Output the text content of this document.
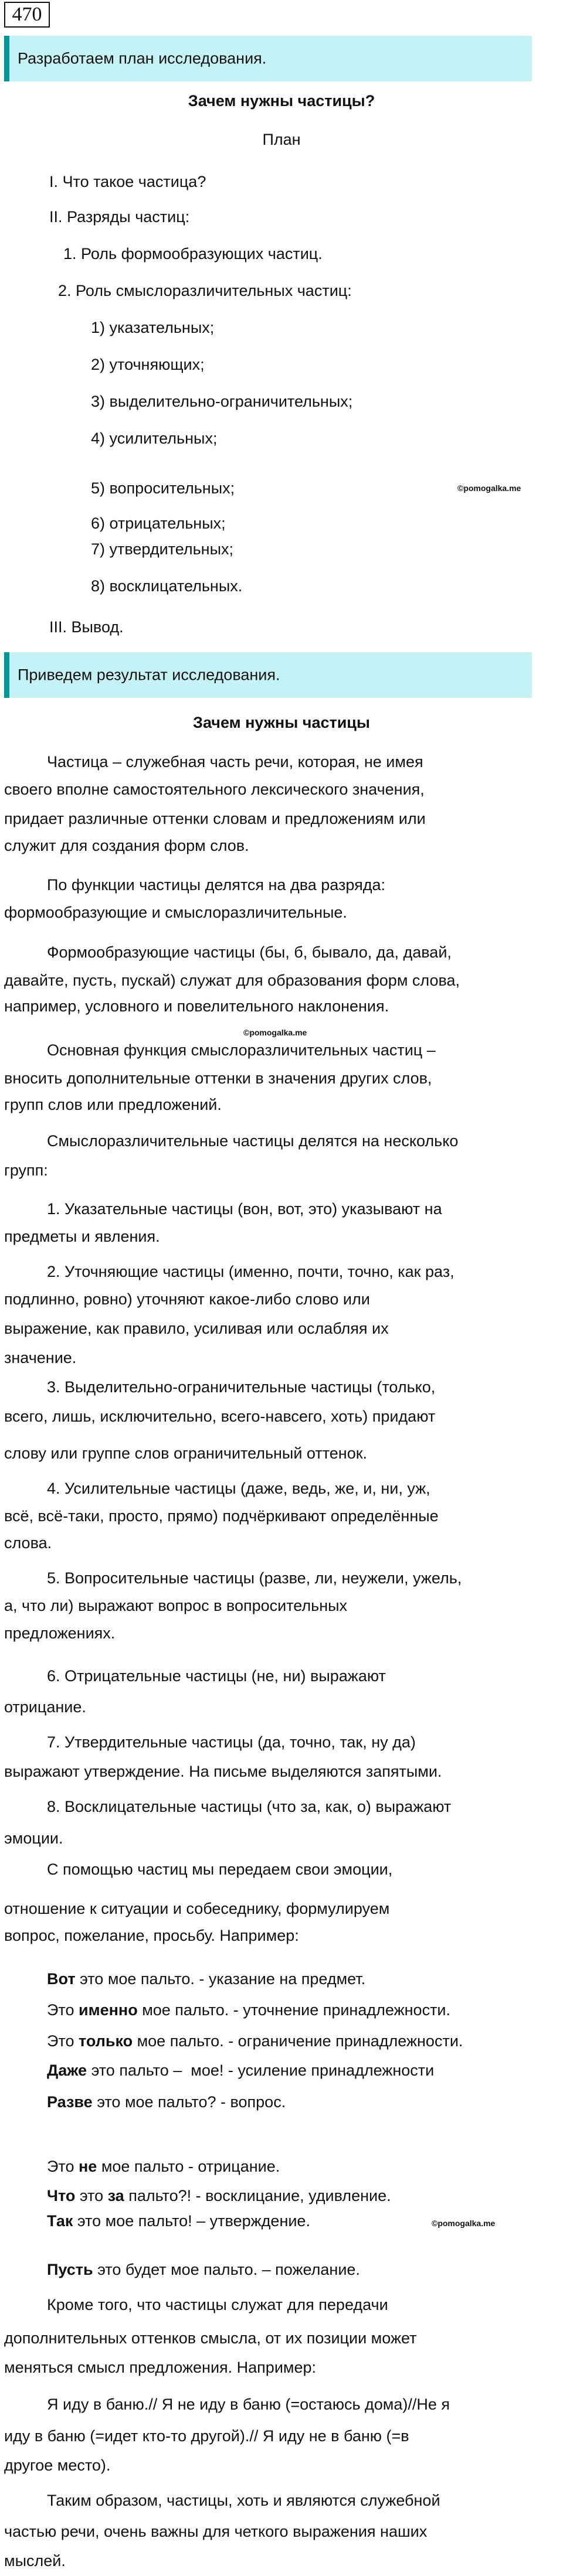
470
Разработаем план исследования.
Зачем нужны частицы?
План
I. Что такое частица?
II. Разряды частиц:
1. Роль формообразующих частиц.
2. Роль смыслоразличительных частиц:
1) указательных;
2) уточняющих;
3) выделительно-ограничительных;
4) усилительных;
5) вопросительных;	©pomogalka.me
6) отрицательных;
7) утвердительных;
8) восклицательных.
III. Вывод.
Приведем результат исследования.
Зачем нужны частицы
Частица – служебная часть речи, которая, не имея
своего вполне самостоятельного лексического значения,
придает различные оттенки словам и предложениям или
служит для создания форм слов.
По функции частицы делятся на два разряда:
формообразующие и смыслоразличительные.
Формообразующие частицы (бы, б, бывало, да, давай,
давайте, пусть, пускай) служат для образования форм слова,
например, условного и повелительного наклонения.
©pomogalka.me
Основная функция смыслоразличительных частиц –
вносить дополнительные оттенки в значения других слов,
групп слов или предложений.
Смыслоразличительные частицы делятся на несколько
групп:
1. Указательные частицы (вон, вот, это) указывают на
предметы и явления.
2. Уточняющие частицы (именно, почти, точно, как раз,
подлинно, ровно) уточняют какое-либо слово или
выражение, как правило, усиливая или ослабляя их
значение.
3. Выделительно-ограничительные частицы (только,
всего, лишь, исключительно, всего-навсего, хоть) придают
слову или группе слов ограничительный оттенок.
4. Усилительные частицы (даже, ведь, же, и, ни, уж,
всё, всё-таки, просто, прямо) подчёркивают определённые
слова.
5. Вопросительные частицы (разве, ли, неужели, ужель,
а, что ли) выражают вопрос в вопросительных
предложениях.
6. Отрицательные частицы (не, ни) выражают
отрицание.
7. Утвердительные частицы (да, точно, так, ну да)
выражают утверждение. На письме выделяются запятыми.
8. Восклицательные частицы (что за, как, о) выражают
эмоции.
С помощью частиц мы передаем свои эмоции,
отношение к ситуации и собеседнику, формулируем
вопрос, пожелание, просьбу. Например:
Вот это мое пальто. - указание на предмет.
Это именно мое пальто. - уточнение принадлежности.
Это только мое пальто. - ограничение принадлежности.
Даже это пальто –  мое! - усиление принадлежности
Разве это мое пальто? - вопрос.
Это не мое пальто - отрицание.
Что это за пальто?! - восклицание, удивление.
Так это мое пальто! – утверждение.	©pomogalka.me
Пусть это будет мое пальто. – пожелание.
Кроме того, что частицы служат для передачи
дополнительных оттенков смысла, от их позиции может
меняться смысл предложения. Например:
Я иду в баню.// Я не иду в баню (=остаюсь дома)//Не я
иду в баню (=идет кто-то другой).// Я иду не в баню (=в
другое место).
Таким образом, частицы, хоть и являются служебной
частью речи, очень важны для четкого выражения наших
мыслей.
